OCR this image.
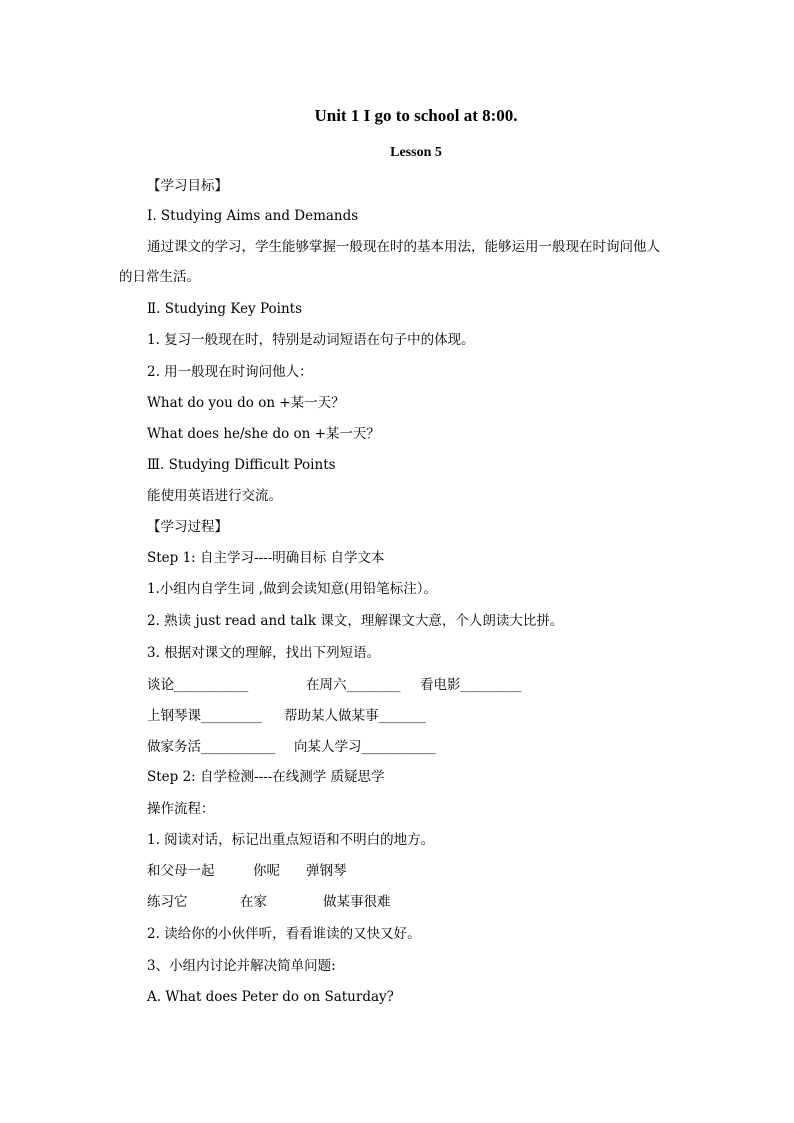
Unit 1 I go to school at 8:00.
Lesson 5
【学习目标】
Ⅰ. Studying Aims and Demands
通过课文的学习，学生能够掌握一般现在时的基本用法，能够运用一般现在时询问他人
的日常生活。
Ⅱ. Studying Key Points
1. 复习一般现在时，特别是动词短语在句子中的体现。
2. 用一般现在时询问他人：
What do you do on +某一天？
What does he/she do on +某一天？
Ⅲ. Studying Difficult Points
能使用英语进行交流。
【学习过程】
Step 1: 自主学习----明确目标 自学文本
1.小组内自学生词 ,做到会读知意(用铅笔标注）。
2. 熟读 just read and talk 课文，理解课文大意，个人朗读大比拼。
3. 根据对课文的理解，找出下列短语。
谈论___________	在周六________ 看电影_________
上钢琴课_________ 帮助某人做某事_______
做家务活___________ 向某人学习___________
Step 2: 自学检测----在线测学 质疑思学
操作流程：
1. 阅读对话，标记出重点短语和不明白的地方。
和父母一起	你呢 弹钢琴
练习它	在家	做某事很难
2. 读给你的小伙伴听，看看谁读的又快又好。
3、小组内讨论并解决简单问题:
A. What does Peter do on Saturday?
